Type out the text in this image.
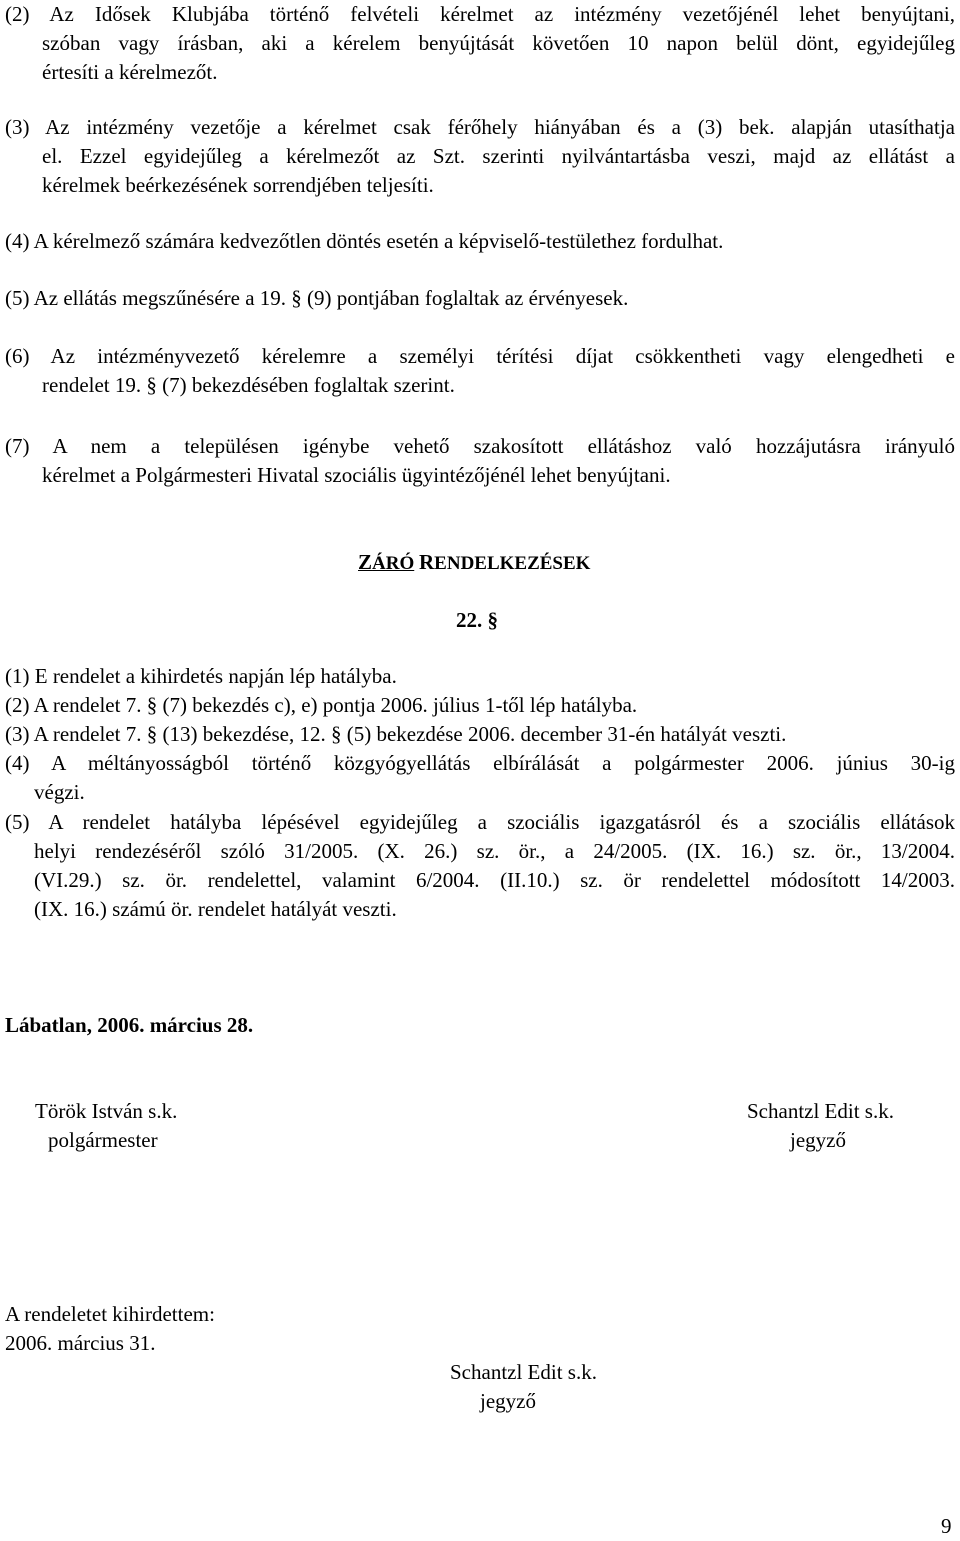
(2) Az Idősek Klubjába történő felvételi kérelmet az intézmény vezetőjénél lehet benyújtani,
szóban vagy írásban, aki a kérelem benyújtását követően 10 napon belül dönt, egyidejűleg
értesíti a kérelmezőt.
(3) Az intézmény vezetője a kérelmet csak férőhely hiányában és a (3) bek. alapján utasíthatja
el. Ezzel egyidejűleg a kérelmezőt az Szt. szerinti nyilvántartásba veszi, majd az ellátást a
kérelmek beérkezésének sorrendjében teljesíti.
(4) A kérelmező számára kedvezőtlen döntés esetén a képviselő-testülethez fordulhat.
(5) Az ellátás megszűnésére a 19. § (9) pontjában foglaltak az érvényesek.
(6) Az intézményvezető kérelemre a személyi térítési díjat csökkentheti vagy elengedheti e
rendelet 19. § (7) bekezdésében foglaltak szerint.
(7) A nem a településen igénybe vehető szakosított ellátáshoz való hozzájutásra irányuló
kérelmet a Polgármesteri Hivatal szociális ügyintézőjénél lehet benyújtani.
ZÁRÓ RENDELKEZÉSEK
22. §
(1) E rendelet a kihirdetés napján lép hatályba.
(2) A rendelet 7. § (7) bekezdés c), e) pontja 2006. július 1-től lép hatályba.
(3) A rendelet 7. § (13) bekezdése, 12. § (5) bekezdése 2006. december 31-én hatályát veszti.
(4) A méltányosságból történő közgyógyellátás elbírálását a polgármester 2006. június 30-ig
végzi.
(5) A rendelet hatályba lépésével egyidejűleg a szociális igazgatásról és a szociális ellátások
helyi rendezéséről szóló 31/2005. (X. 26.) sz. ör., a 24/2005. (IX. 16.) sz. ör., 13/2004.
(VI.29.) sz. ör. rendelettel, valamint 6/2004. (II.10.) sz. ör rendelettel módosított 14/2003.
(IX. 16.) számú ör. rendelet hatályát veszti.
Lábatlan, 2006. március 28.
Török István s.k.
polgármester
Schantzl Edit s.k.
jegyző
A rendeletet kihirdettem:
2006. március 31.
Schantzl Edit s.k.
jegyző
9
